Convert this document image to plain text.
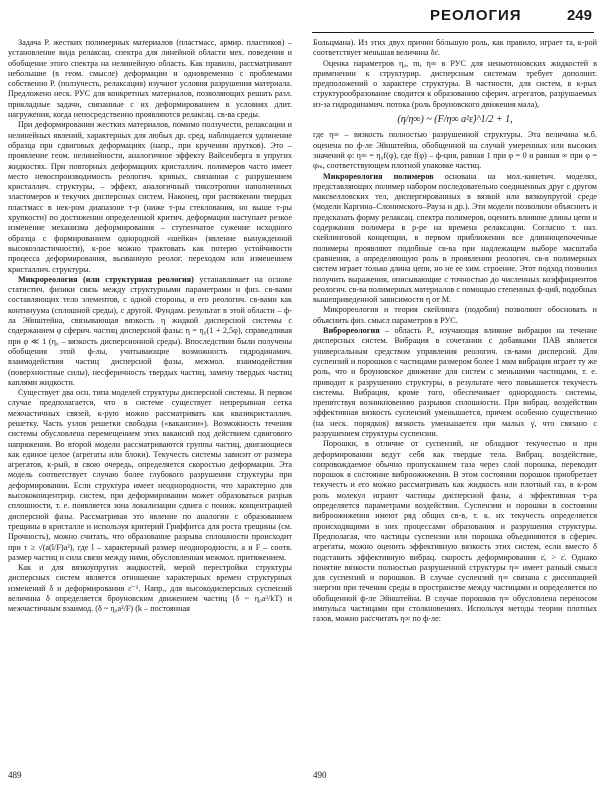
РЕОЛОГИЯ	249

Задача Р. жестких полимерных материалов (пластмасс, армир. пластиков) – установление вида релаксац. спектра для линейной области мех. поведения и обобщение этого спектра на нелинейную область. Как правило, рассматривают небольшие (в геом. смысле) деформации и одновременно с проблемами собственно Р. (ползучесть, релаксация) изучают условия разрушения материала. Предложено неск. РУС для конкретных материалов, позволяющих решать разл. прикладные задачи, связанные с их деформированием в условиях длит. нагружения, когда непосредственно проявляются релаксац. св-ва среды.

При деформировании жестких материалов, помимо ползучести, релаксации и нелинейных явлений, характерных для любых др. сред, наблюдается удлинение образца при сдвиговых деформациях (напр., при кручении прутков). Это – проявление геом. нелинейности, аналогичное эффекту Вайсенберга в упругих жидкостях. При повторных деформациях кристаллич. полимеров часто имеет место невоспроизводимость реологич. кривых, связанная с разрушением кристаллич. структуры, – эффект, аналогичный тиксотропии наполненных эластомеров и текучих дисперсных систем. Наконец, при растяжении твердых пластмасс в нек-ром диапазоне т-р (ниже т-ры стеклования, но выше т-ры хрупкости) по достижении определенной критич. деформации наступает резкое изменение механизма деформирования – ступенчатое сужение исходного образца с формированием однородной «шейки» (явление вынужденной высокоэластичности), к-рое можно трактовать как потерю устойчивости процесса деформирования, вызванную реолог. переходом или изменением кристаллич. структуры.

Микрореология (или структурная реология) устанавливает на основе статистич. физики связь между структурными параметрами и физ. св-вами составляющих тело элементов, с одной стороны, и его реологич. св-вами как континуума (сплошной среды), с другой. Фундам. результат в этой области – ф-ла Эйнштейна, связывающая вязкость η жидкой дисперсной системы с содержанием φ сферич. частиц дисперсной фазы: η = η₀(1 + 2,5φ), справедливая при φ ≪ 1 (η₀ – вязкость дисперсионной среды). Впоследствии были получены обобщения этой ф-лы, учитывающие возможность гидродинамич. взаимодействия частиц дисперсной фазы, межмол. взаимодействия (поверхностные силы), несферичность твердых частиц, замену твердых частиц каплями жидкости.

Существует два осн. типа моделей структуры дисперсной системы. В первом случае предполагается, что в системе существует непрерывная сетка межчастичных связей, к-рую можно рассматривать как квазикристаллич. решетку. Часть узлов решетки свободна («вакансии»). Возможность течения системы обусловлена перемещением этих вакансий под действием сдвигового напряжения. Во второй модели рассматриваются группы частиц, двигающиеся как единое целое (агрегаты или блоки). Текучесть системы зависит от размера агрегатов, к-рый, в свою очередь, определяется скоростью деформации. Эта модель соответствует случаю более глубокого разрушения структуры при деформировании. Если структура имеет неоднородности, что характерно для высококонцентрир. систем, при деформировании может образоваться разрыв сплошности, т. е. появляется зона локализации сдвига с пониж. концентрацией дисперсной фазы. Рассматривая это явление по аналогии с образованием трещины в кристалле и используя критерий Гриффитса для роста трещины (см. Прочность), можно считать, что образование разрыва сплошности происходит при τ ≥ √(a(l/F)a²), где l – характерный размер неоднородности, a и F – соотв. размер частиц и сила связи между ними, обусловленная межмол. притяжением.

Как и для вязкоупругих жидкостей, мерой перестройки структуры дисперсных систем является отношение характерных времен структурных изменений δ и деформирования ε̇⁻¹. Напр., для высокодисперсных суспензий величина δ определяется броуновским движением частиц (δ ~ η₀a³/kT) и межчастичным взаимод. (δ ~ η₀a²/F) (k – постоянная

Больцмана). Из этих двух причин бóльшую роль, как правило, играет та, к-рой соответствует меньшая величина δε̇.

Оценка параметров η₀, m, η∞ в РУС для неньютоновских жидкостей в применении к структурир. дисперсным системам требует дополнит. предположений о характере структуры. В частности, для систем, в к-рых структурообразование сводится к образованию сферич. агрегатов, разрушаемых из-за гидродинамич. потока (роль броуновского движения мала),

(η/η∞) ~ (F/η∞ a²ε̇)^1/2 + 1,

где η∞ – вязкость полностью разрушенной структуры. Эта величина м.б. оценена по ф-ле Эйнштейна, обобщенной на случай умеренных или высоких значений φ: η∞ = η₀f(φ), где f(φ) – ф-ция, равная 1 при φ = 0 и равная ∞ при φ = φₘ, соответствующем плотной упаковке частиц.

Микрореология полимеров основана на мол.-кинетич. моделях, представляющих полимер набором последовательно соединенных друг с другом максвелловских тел, диспергированных в вязкой или вязкоупругой среде (модели Каргина–Слонимского–Рауза и др.). Эти модели позволили объяснить и предсказать форму релаксац. спектра полимеров, оценить влияние длины цепи и содержания полимера в р-ре на времена релаксации. Согласно т. наз. скейлинговой концепции, в первом приближении все длинноцепочечные полимеры проявляют подобные св-ва при надлежащем выборе масштаба сравнения, а определяющую роль в проявлении реологич. св-в полимерных систем играет только длина цепи, но не ее хим. строение. Этот подход позволил получить выражения, описывающие с точностью до численных коэффициентов реологич. св-ва полимерных материалов с помощью степенных ф-ций, подобных вышеприведенной зависимости η от M.

Микрореология и теория скейлинга (подобия) позволяют обосновать и объяснить физ. смысл параметров в РУС.

Виброреология – область Р., изучающая влияние вибрации на течение дисперсных систем. Вибрация в сочетании с добавками ПАВ является универсальным средством управления реологич. св-вами дисперсий. Для суспензий и порошков с частицами размером более 1 мкм вибрация играет ту же роль, что и броуновское движение для систем с меньшими частицами, т. е. приводит к разрушению структуры, в результате чего повышается текучесть системы. Вибрация, кроме того, обеспечивает однородность системы, препятствуя возникновению разрывов сплошности. При вибрац. воздействии эффективная вязкость суспензий уменьшается, причем особенно существенно (на неск. порядков) вязкость уменьшается при малых γ̇, что связано с разрушением структуры суспензии.

Порошки, в отличие от суспензий, не обладают текучестью и при деформировании ведут себя как твердые тела. Вибрац. воздействие, сопровождаемое обычно пропусканием газа через слой порошка, переводит порошок в состояние виброожижения. В этом состоянии порошок приобретает текучесть и его можно рассматривать как жидкость или плотный газ, в к-ром роль молекул играют частицы дисперсной фазы, а эффективная т-ра определяется параметрами воздействия. Суспензии и порошки в состоянии виброожижения имеют ряд общих св-в, т. к. их текучесть определяется происходящими в них процессами образования и разрушения структуры. Предполагая, что частицы суспензии или порошка объединяются в сферич. агрегаты, можно оценить эффективную вязкость этих систем, если вместо δ подставить эффективную вибрац. скорость деформирования ε̇ₑ > ε̇. Однако понятие вязкости полностью разрушенной структуры η∞ имеет разный смысл для суспензий и порошков. В случае суспензий η∞ связана с диссипацией энергии при течении среды в пространстве между частицами и определяется по обобщенной ф-ле Эйнштейна. В случае порошков η∞ обусловлена переносом импульса частицами при столкновениях. Используя методы теории плотных газов, можно рассчитать η∞ по ф-ле:

489	490
